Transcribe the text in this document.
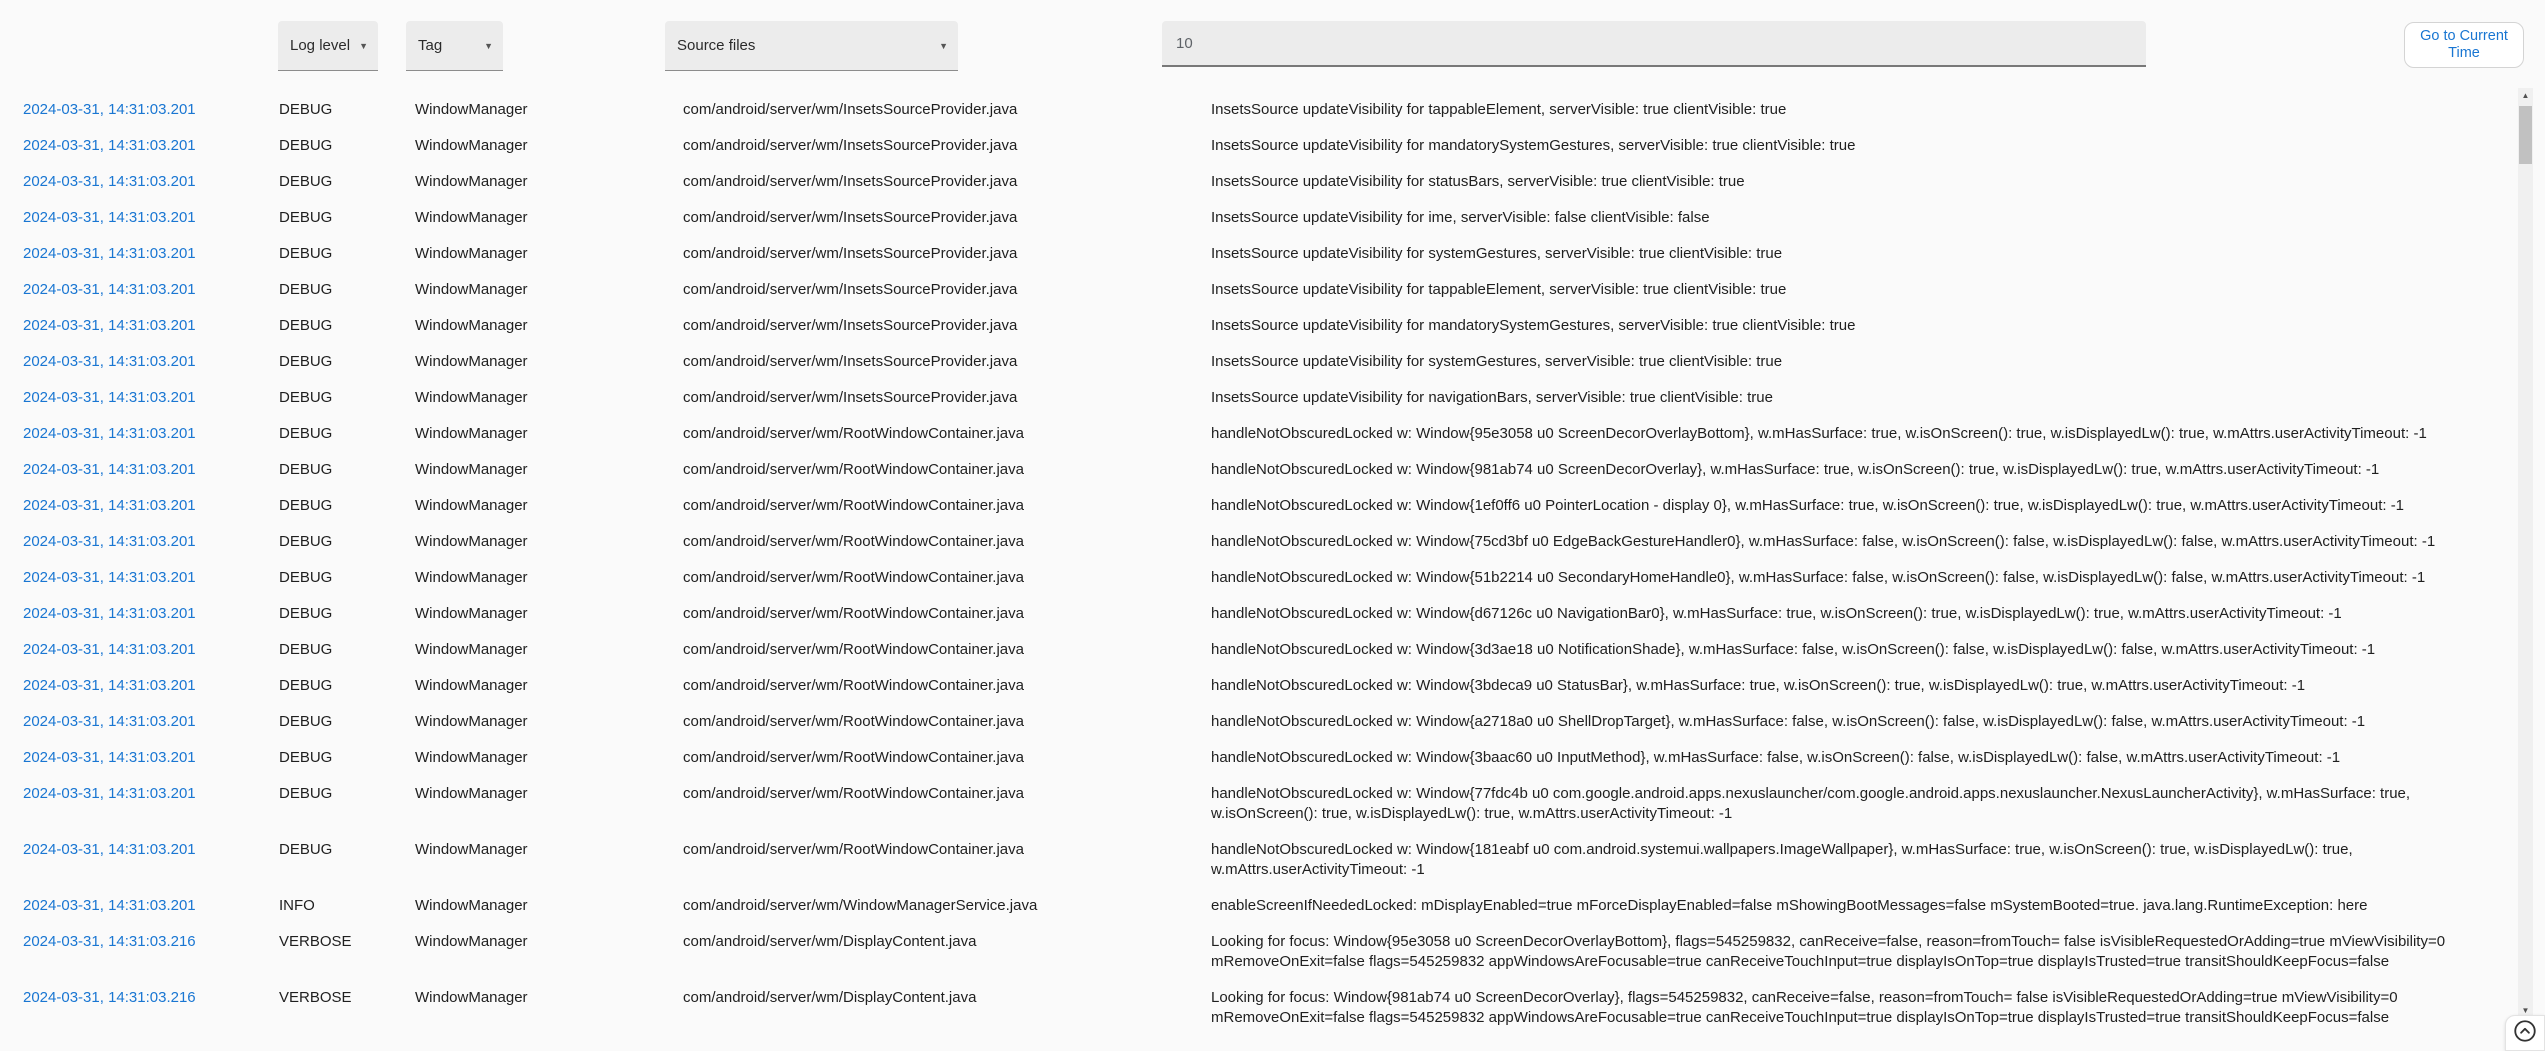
Log level ▼	Tag	▼	Source files	▼
10
Go to Current Time
2024-03-31, 14:31:03.201	DEBUG	WindowManager	com/android/server/wm/InsetsSourceProvider.java	InsetsSource updateVisibility for tappableElement, serverVisible: true clientVisible: true
2024-03-31, 14:31:03.201	DEBUG	WindowManager	com/android/server/wm/InsetsSourceProvider.java	InsetsSource updateVisibility for mandatorySystemGestures, serverVisible: true clientVisible: true
2024-03-31, 14:31:03.201	DEBUG	WindowManager	com/android/server/wm/InsetsSourceProvider.java	InsetsSource updateVisibility for statusBars, serverVisible: true clientVisible: true
2024-03-31, 14:31:03.201	DEBUG	WindowManager	com/android/server/wm/InsetsSourceProvider.java	InsetsSource updateVisibility for ime, serverVisible: false clientVisible: false
2024-03-31, 14:31:03.201	DEBUG	WindowManager	com/android/server/wm/InsetsSourceProvider.java	InsetsSource updateVisibility for systemGestures, serverVisible: true clientVisible: true
2024-03-31, 14:31:03.201	DEBUG	WindowManager	com/android/server/wm/InsetsSourceProvider.java	InsetsSource updateVisibility for tappableElement, serverVisible: true clientVisible: true
2024-03-31, 14:31:03.201	DEBUG	WindowManager	com/android/server/wm/InsetsSourceProvider.java	InsetsSource updateVisibility for mandatorySystemGestures, serverVisible: true clientVisible: true
2024-03-31, 14:31:03.201	DEBUG	WindowManager	com/android/server/wm/InsetsSourceProvider.java	InsetsSource updateVisibility for systemGestures, serverVisible: true clientVisible: true
2024-03-31, 14:31:03.201	DEBUG	WindowManager	com/android/server/wm/InsetsSourceProvider.java	InsetsSource updateVisibility for navigationBars, serverVisible: true clientVisible: true
2024-03-31, 14:31:03.201	DEBUG	WindowManager	com/android/server/wm/RootWindowContainer.java	handleNotObscuredLocked w: Window{95e3058 u0 ScreenDecorOverlayBottom}, w.mHasSurface: true, w.isOnScreen(): true, w.isDisplayedLw(): true, w.mAttrs.userActivityTimeout: -1
2024-03-31, 14:31:03.201	DEBUG	WindowManager	com/android/server/wm/RootWindowContainer.java	handleNotObscuredLocked w: Window{981ab74 u0 ScreenDecorOverlay}, w.mHasSurface: true, w.isOnScreen(): true, w.isDisplayedLw(): true, w.mAttrs.userActivityTimeout: -1
2024-03-31, 14:31:03.201	DEBUG	WindowManager	com/android/server/wm/RootWindowContainer.java	handleNotObscuredLocked w: Window{1ef0ff6 u0 PointerLocation - display 0}, w.mHasSurface: true, w.isOnScreen(): true, w.isDisplayedLw(): true, w.mAttrs.userActivityTimeout: -1
2024-03-31, 14:31:03.201	DEBUG	WindowManager	com/android/server/wm/RootWindowContainer.java	handleNotObscuredLocked w: Window{75cd3bf u0 EdgeBackGestureHandler0}, w.mHasSurface: false, w.isOnScreen(): false, w.isDisplayedLw(): false, w.mAttrs.userActivityTimeout: -1
2024-03-31, 14:31:03.201	DEBUG	WindowManager	com/android/server/wm/RootWindowContainer.java	handleNotObscuredLocked w: Window{51b2214 u0 SecondaryHomeHandle0}, w.mHasSurface: false, w.isOnScreen(): false, w.isDisplayedLw(): false, w.mAttrs.userActivityTimeout: -1
2024-03-31, 14:31:03.201	DEBUG	WindowManager	com/android/server/wm/RootWindowContainer.java	handleNotObscuredLocked w: Window{d67126c u0 NavigationBar0}, w.mHasSurface: true, w.isOnScreen(): true, w.isDisplayedLw(): true, w.mAttrs.userActivityTimeout: -1
2024-03-31, 14:31:03.201	DEBUG	WindowManager	com/android/server/wm/RootWindowContainer.java	handleNotObscuredLocked w: Window{3d3ae18 u0 NotificationShade}, w.mHasSurface: false, w.isOnScreen(): false, w.isDisplayedLw(): false, w.mAttrs.userActivityTimeout: -1
2024-03-31, 14:31:03.201	DEBUG	WindowManager	com/android/server/wm/RootWindowContainer.java	handleNotObscuredLocked w: Window{3bdeca9 u0 StatusBar}, w.mHasSurface: true, w.isOnScreen(): true, w.isDisplayedLw(): true, w.mAttrs.userActivityTimeout: -1
2024-03-31, 14:31:03.201	DEBUG	WindowManager	com/android/server/wm/RootWindowContainer.java	handleNotObscuredLocked w: Window{a2718a0 u0 ShellDropTarget}, w.mHasSurface: false, w.isOnScreen(): false, w.isDisplayedLw(): false, w.mAttrs.userActivityTimeout: -1
2024-03-31, 14:31:03.201	DEBUG	WindowManager	com/android/server/wm/RootWindowContainer.java	handleNotObscuredLocked w: Window{3baac60 u0 InputMethod}, w.mHasSurface: false, w.isOnScreen(): false, w.isDisplayedLw(): false, w.mAttrs.userActivityTimeout: -1
2024-03-31, 14:31:03.201	DEBUG	WindowManager	com/android/server/wm/RootWindowContainer.java	handleNotObscuredLocked w: Window{77fdc4b u0 com.google.android.apps.nexuslauncher/com.google.android.apps.nexuslauncher.NexusLauncherActivity}, w.mHasSurface: true, w.isOnScreen(): true, w.isDisplayedLw(): true, w.mAttrs.userActivityTimeout: -1
2024-03-31, 14:31:03.201	DEBUG	WindowManager	com/android/server/wm/RootWindowContainer.java	handleNotObscuredLocked w: Window{181eabf u0 com.android.systemui.wallpapers.ImageWallpaper}, w.mHasSurface: true, w.isOnScreen(): true, w.isDisplayedLw(): true, w.mAttrs.userActivityTimeout: -1
2024-03-31, 14:31:03.201	INFO	WindowManager	com/android/server/wm/WindowManagerService.java	enableScreenIfNeededLocked: mDisplayEnabled=true mForceDisplayEnabled=false mShowingBootMessages=false mSystemBooted=true. java.lang.RuntimeException: here
2024-03-31, 14:31:03.216	VERBOSE	WindowManager	com/android/server/wm/DisplayContent.java	Looking for focus: Window{95e3058 u0 ScreenDecorOverlayBottom}, flags=545259832, canReceive=false, reason=fromTouch= false isVisibleRequestedOrAdding=true mViewVisibility=0 mRemoveOnExit=false flags=545259832 appWindowsAreFocusable=true canReceiveTouchInput=true displayIsOnTop=true displayIsTrusted=true transitShouldKeepFocus=false
2024-03-31, 14:31:03.216	VERBOSE	WindowManager	com/android/server/wm/DisplayContent.java	Looking for focus: Window{981ab74 u0 ScreenDecorOverlay}, flags=545259832, canReceive=false, reason=fromTouch= false isVisibleRequestedOrAdding=true mViewVisibility=0 mRemoveOnExit=false flags=545259832 appWindowsAreFocusable=true canReceiveTouchInput=true displayIsOnTop=true displayIsTrusted=true transitShouldKeepFocus=false
▲
▼
